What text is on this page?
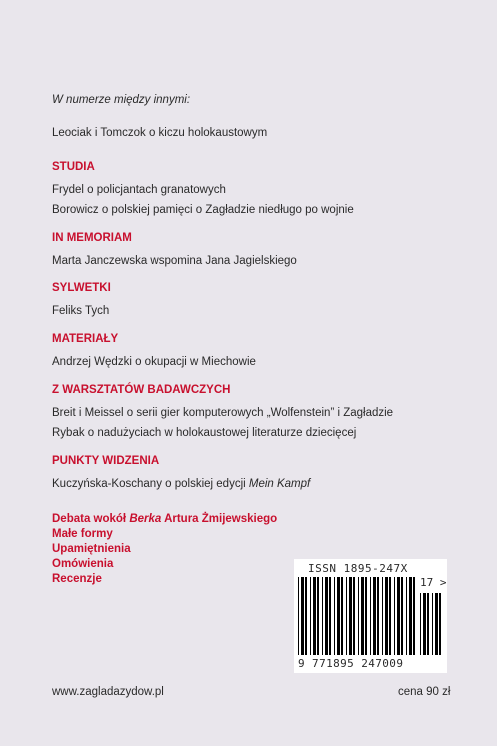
W numerze między innymi:
Leociak i Tomczok o kiczu holokaustowym
STUDIA
Frydel o policjantach granatowych
Borowicz o polskiej pamięci o Zagładzie niedługo po wojnie
IN MEMORIAM
Marta Janczewska wspomina Jana Jagielskiego
SYLWETKI
Feliks Tych
MATERIAŁY
Andrzej Wędzki o okupacji w Miechowie
Z WARSZTATÓW BADAWCZYCH
Breit i Meissel o serii gier komputerowych „Wolfenstein” i Zagładzie
Rybak o nadużyciach w holokaustowej literaturze dziecięcej
PUNKTY WIDZENIA
Kuczyńska-Koschany o polskiej edycji Mein Kampf
Debata wokół Berka Artura Żmijewskiego
Małe formy
Upamiętnienia
Omówienia
Recenzje
ISSN 1895-247X
17 >
9 771895 247009
www.zagladazydow.pl	cena 90 zł
